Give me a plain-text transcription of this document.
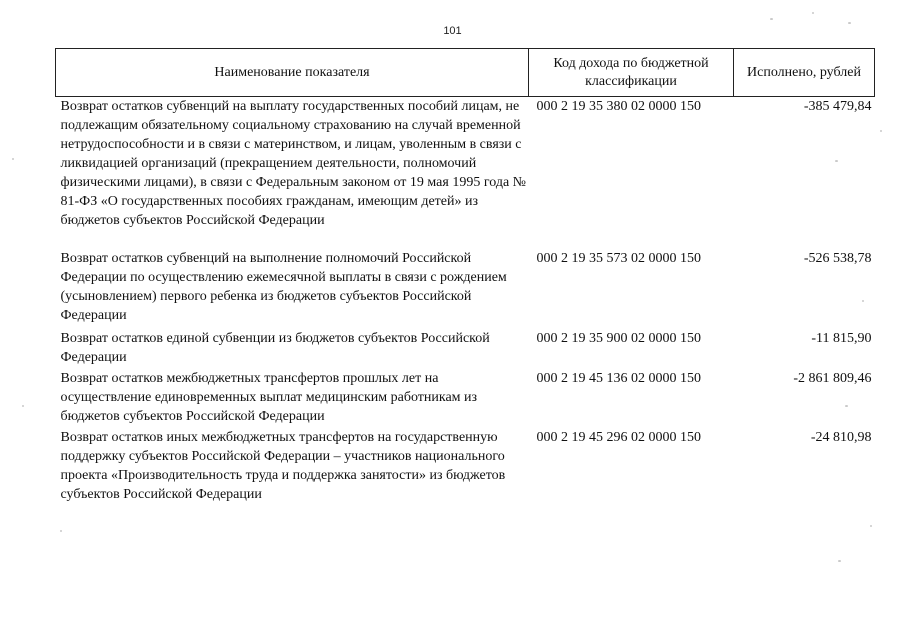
101
Наименование показателя	Код дохода по бюджетной классификации	Исполнено, рублей
Возврат остатков субвенций на выплату государственных пособий лицам, не подлежащим обязательному социальному страхованию на случай временной нетрудоспособности и в связи с материнством, и лицам, уволенным в связи с ликвидацией организаций (прекращением деятельности, полномочий физическими лицами), в связи с Федеральным законом от 19 мая 1995 года № 81-ФЗ «О государственных пособиях гражданам, имеющим детей» из бюджетов субъектов Российской Федерации	000 2 19 35 380 02 0000 150	-385 479,84
Возврат остатков субвенций на выполнение полномочий Российской Федерации по осуществлению ежемесячной выплаты в связи с рождением (усыновлением) первого ребенка из бюджетов субъектов Российской Федерации	000 2 19 35 573 02 0000 150	-526 538,78
Возврат остатков единой субвенции из бюджетов субъектов Российской Федерации	000 2 19 35 900 02 0000 150	-11 815,90
Возврат остатков межбюджетных трансфертов прошлых лет на осуществление единовременных выплат медицинским работникам из бюджетов субъектов Российской Федерации	000 2 19 45 136 02 0000 150	-2 861 809,46
Возврат остатков иных межбюджетных трансфертов на государственную поддержку субъектов Российской Федерации – участников национального проекта «Производительность труда и поддержка занятости» из бюджетов субъектов Российской Федерации	000 2 19 45 296 02 0000 150	-24 810,98
